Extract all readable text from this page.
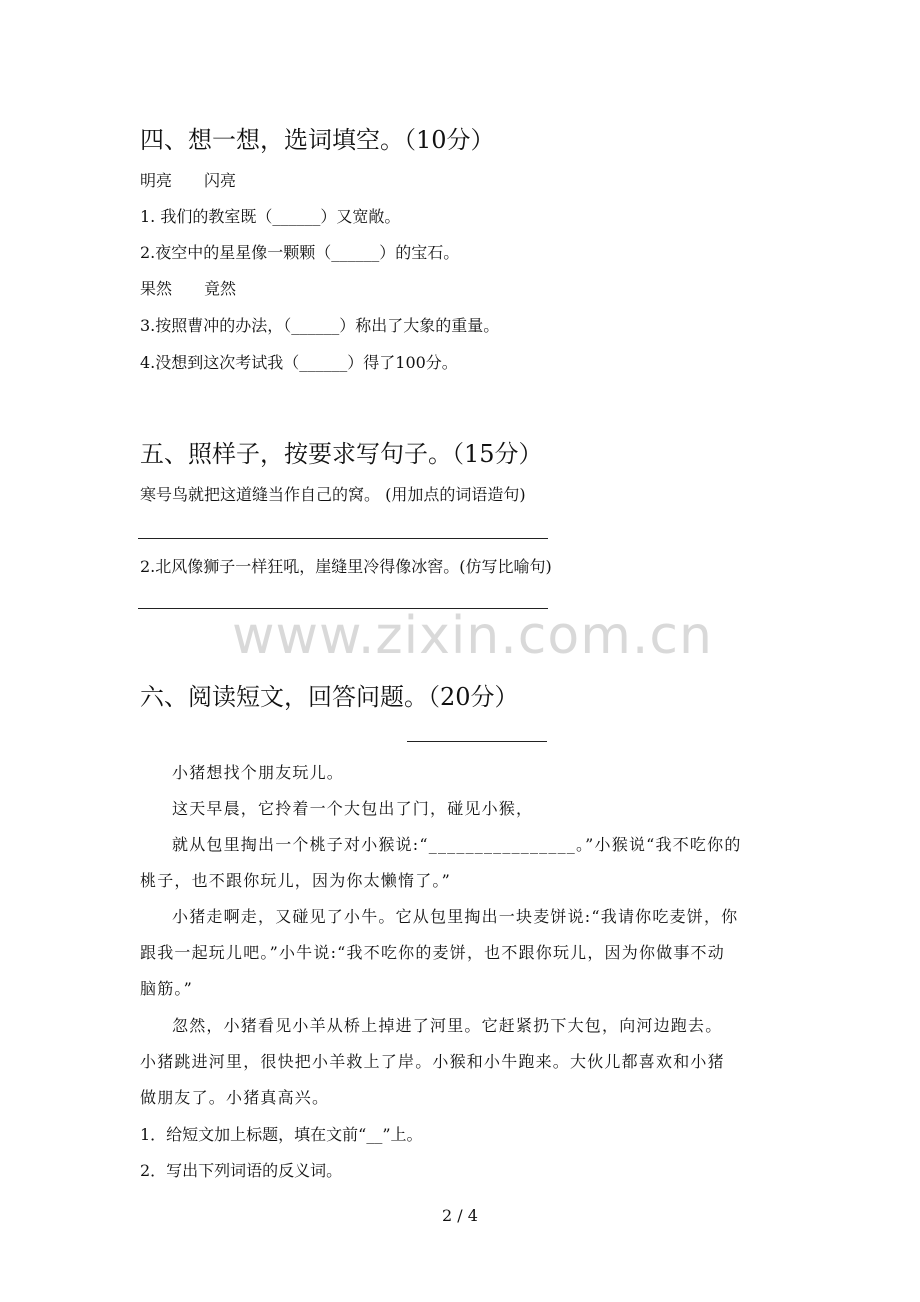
四、想一想，选词填空。（10分）
明亮　　闪亮
1. 我们的教室既（______）又宽敞。
2.夜空中的星星像一颗颗（______）的宝石。
果然　　竟然
3.按照曹冲的办法，（______）称出了大象的重量。
4.没想到这次考试我（______）得了100分。
五、照样子，按要求写句子。（15分）
寒号鸟就把这道缝当作自己的窝。 (用加点的词语造句)
2.北风像狮子一样狂吼，崖缝里冷得像冰窖。(仿写比喻句)
www.zixin.com.cn
六、阅读短文，回答问题。（20分）
小猪想找个朋友玩儿。
这天早晨，它拎着一个大包出了门，碰见小猴，
就从包里掏出一个桃子对小猴说:“________________。”小猴说“我不吃你的
桃子，也不跟你玩儿，因为你太懒惰了。”
小猪走啊走，又碰见了小牛。它从包里掏出一块麦饼说:“我请你吃麦饼，你
跟我一起玩儿吧。”小牛说:“我不吃你的麦饼，也不跟你玩儿，因为你做事不动
脑筋。”
忽然，小猪看见小羊从桥上掉进了河里。它赶紧扔下大包，向河边跑去。
小猪跳进河里，很快把小羊救上了岸。小猴和小牛跑来。大伙儿都喜欢和小猪
做朋友了。小猪真高兴。
1．给短文加上标题，填在文前“__”上。
2．写出下列词语的反义词。
2 / 4
